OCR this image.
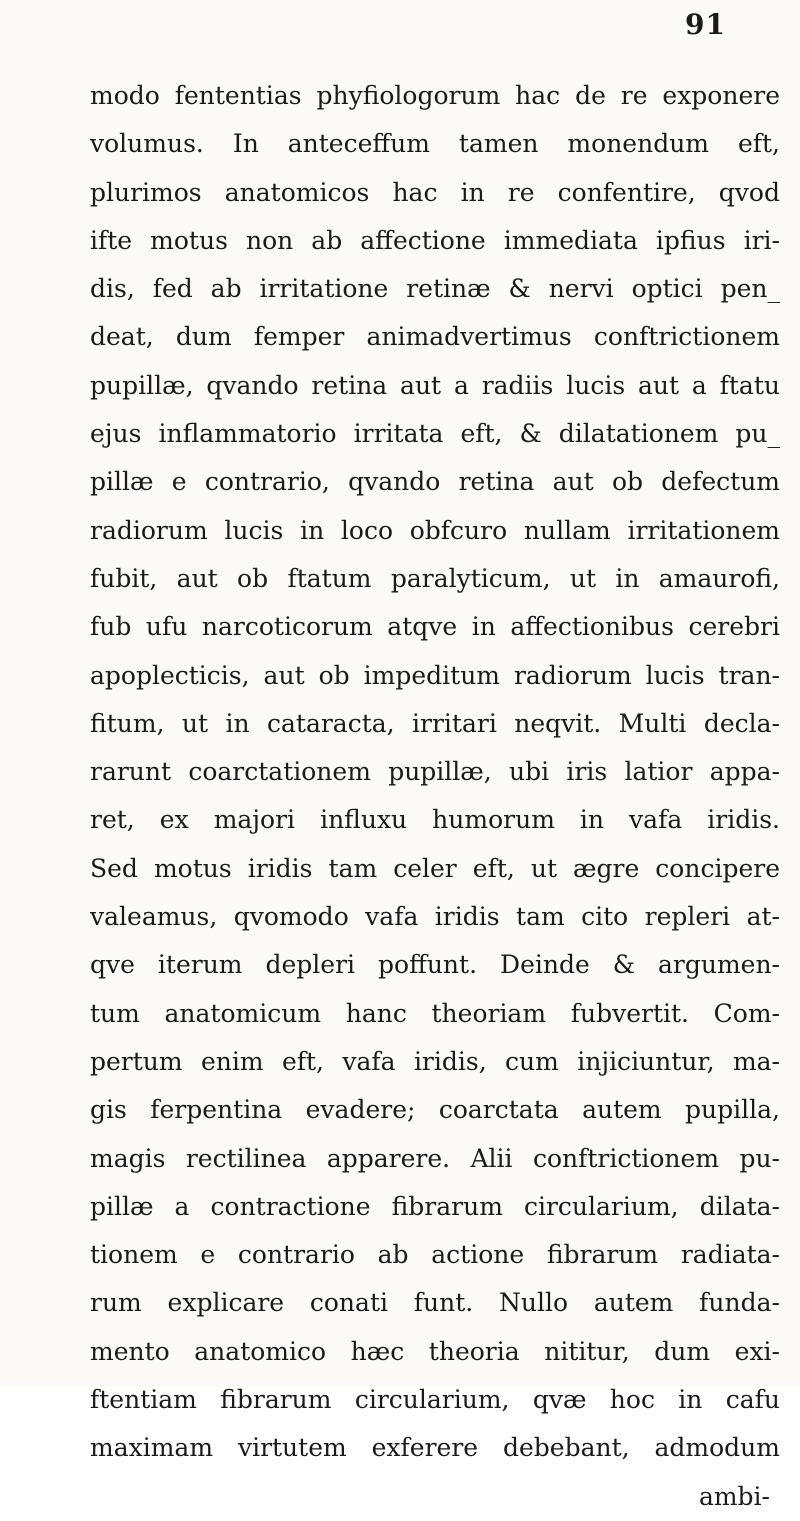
91
modo fententias phyfiologorum hac de re exponere
volumus. In anteceffum tamen monendum eft,
plurimos anatomicos hac in re confentire, qvod
ifte motus non ab affectione immediata ipfius iri-
dis, fed ab irritatione retinæ & nervi optici pen_
deat, dum femper animadvertimus conftrictionem
pupillæ, qvando retina aut a radiis lucis aut a ftatu
ejus inflammatorio irritata eft, & dilatationem pu_
pillæ e contrario, qvando retina aut ob defectum
radiorum lucis in loco obfcuro nullam irritationem
fubit, aut ob ftatum paralyticum, ut in amaurofi,
fub ufu narcoticorum atqve in affectionibus cerebri
apoplecticis, aut ob impeditum radiorum lucis tran-
fitum, ut in cataracta, irritari neqvit. Multi decla-
rarunt coarctationem pupillæ, ubi iris latior appa-
ret, ex majori influxu humorum in vafa iridis.
Sed motus iridis tam celer eft, ut ægre concipere
valeamus, qvomodo vafa iridis tam cito repleri at-
qve iterum depleri poffunt. Deinde & argumen-
tum anatomicum hanc theoriam fubvertit. Com-
pertum enim eft, vafa iridis, cum injiciuntur, ma-
gis ferpentina evadere; coarctata autem pupilla,
magis rectilinea apparere. Alii conftrictionem pu-
pillæ a contractione fibrarum circularium, dilata-
tionem e contrario ab actione fibrarum radiata-
rum explicare conati funt. Nullo autem funda-
mento anatomico hæc theoria nititur, dum exi-
ftentiam fibrarum circularium, qvæ hoc in cafu
maximam virtutem exferere debebant, admodum
ambi-
